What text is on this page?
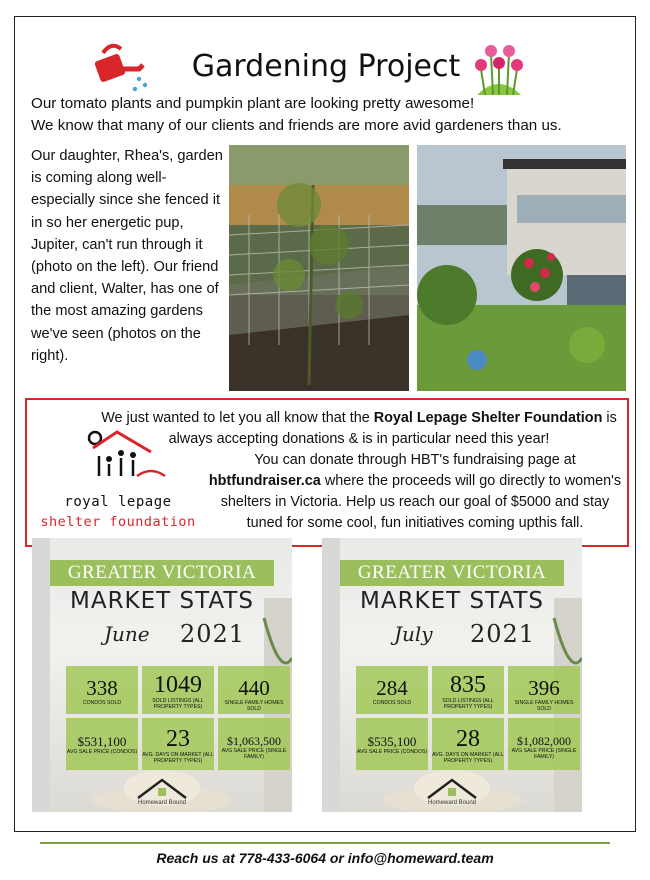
Gardening Project
Our tomato plants and pumpkin plant are looking pretty awesome!
We know that many of our clients and friends are more avid gardeners than us.
Our daughter, Rhea's, garden is coming along well- especially since she fenced it in so her energetic pup, Jupiter, can't run through it (photo on the left). Our friend and client, Walter, has one of the most amazing gardens we've seen (photos on the right).
royal lepage
shelter foundation
We just wanted to let you all know that the Royal Lepage Shelter Foundation is always accepting donations & is in particular need this year!
You can donate through HBT's fundraising page at hbtfundraiser.ca where the proceeds will go directly to women's shelters in Victoria. Help us reach our goal of $5000 and stay tuned for some cool, fun initiatives coming upthis fall.
GREATER VICTORIA
MARKET STATS
June 2021
338
CONDOS SOLD
1049
SOLD LISTINGS (ALL PROPERTY TYPES)
440
SINGLE FAMILY HOMES SOLD
$531,100
AVG SALE PRICE (CONDOS)	23
AVG. DAYS ON MARKET (ALL PROPERTY TYPES)
$1,063,500
AVG SALE PRICE (SINGLE FAMILY)
Homeward Bound
GREATER VICTORIA
MARKET STATS
July 2021
284
CONDOS SOLD
835
SOLD LISTINGS (ALL PROPERTY TYPES)
396
SINGLE FAMILY HOMES SOLD
$535,100
AVG SALE PRICE (CONDOS)	28
AVG. DAYS ON MARKET (ALL PROPERTY TYPES)
$1,082,000
AVG SALE PRICE (SINGLE FAMILY)
Homeward Bound
Reach us at 778-433-6064 or info@homeward.team
